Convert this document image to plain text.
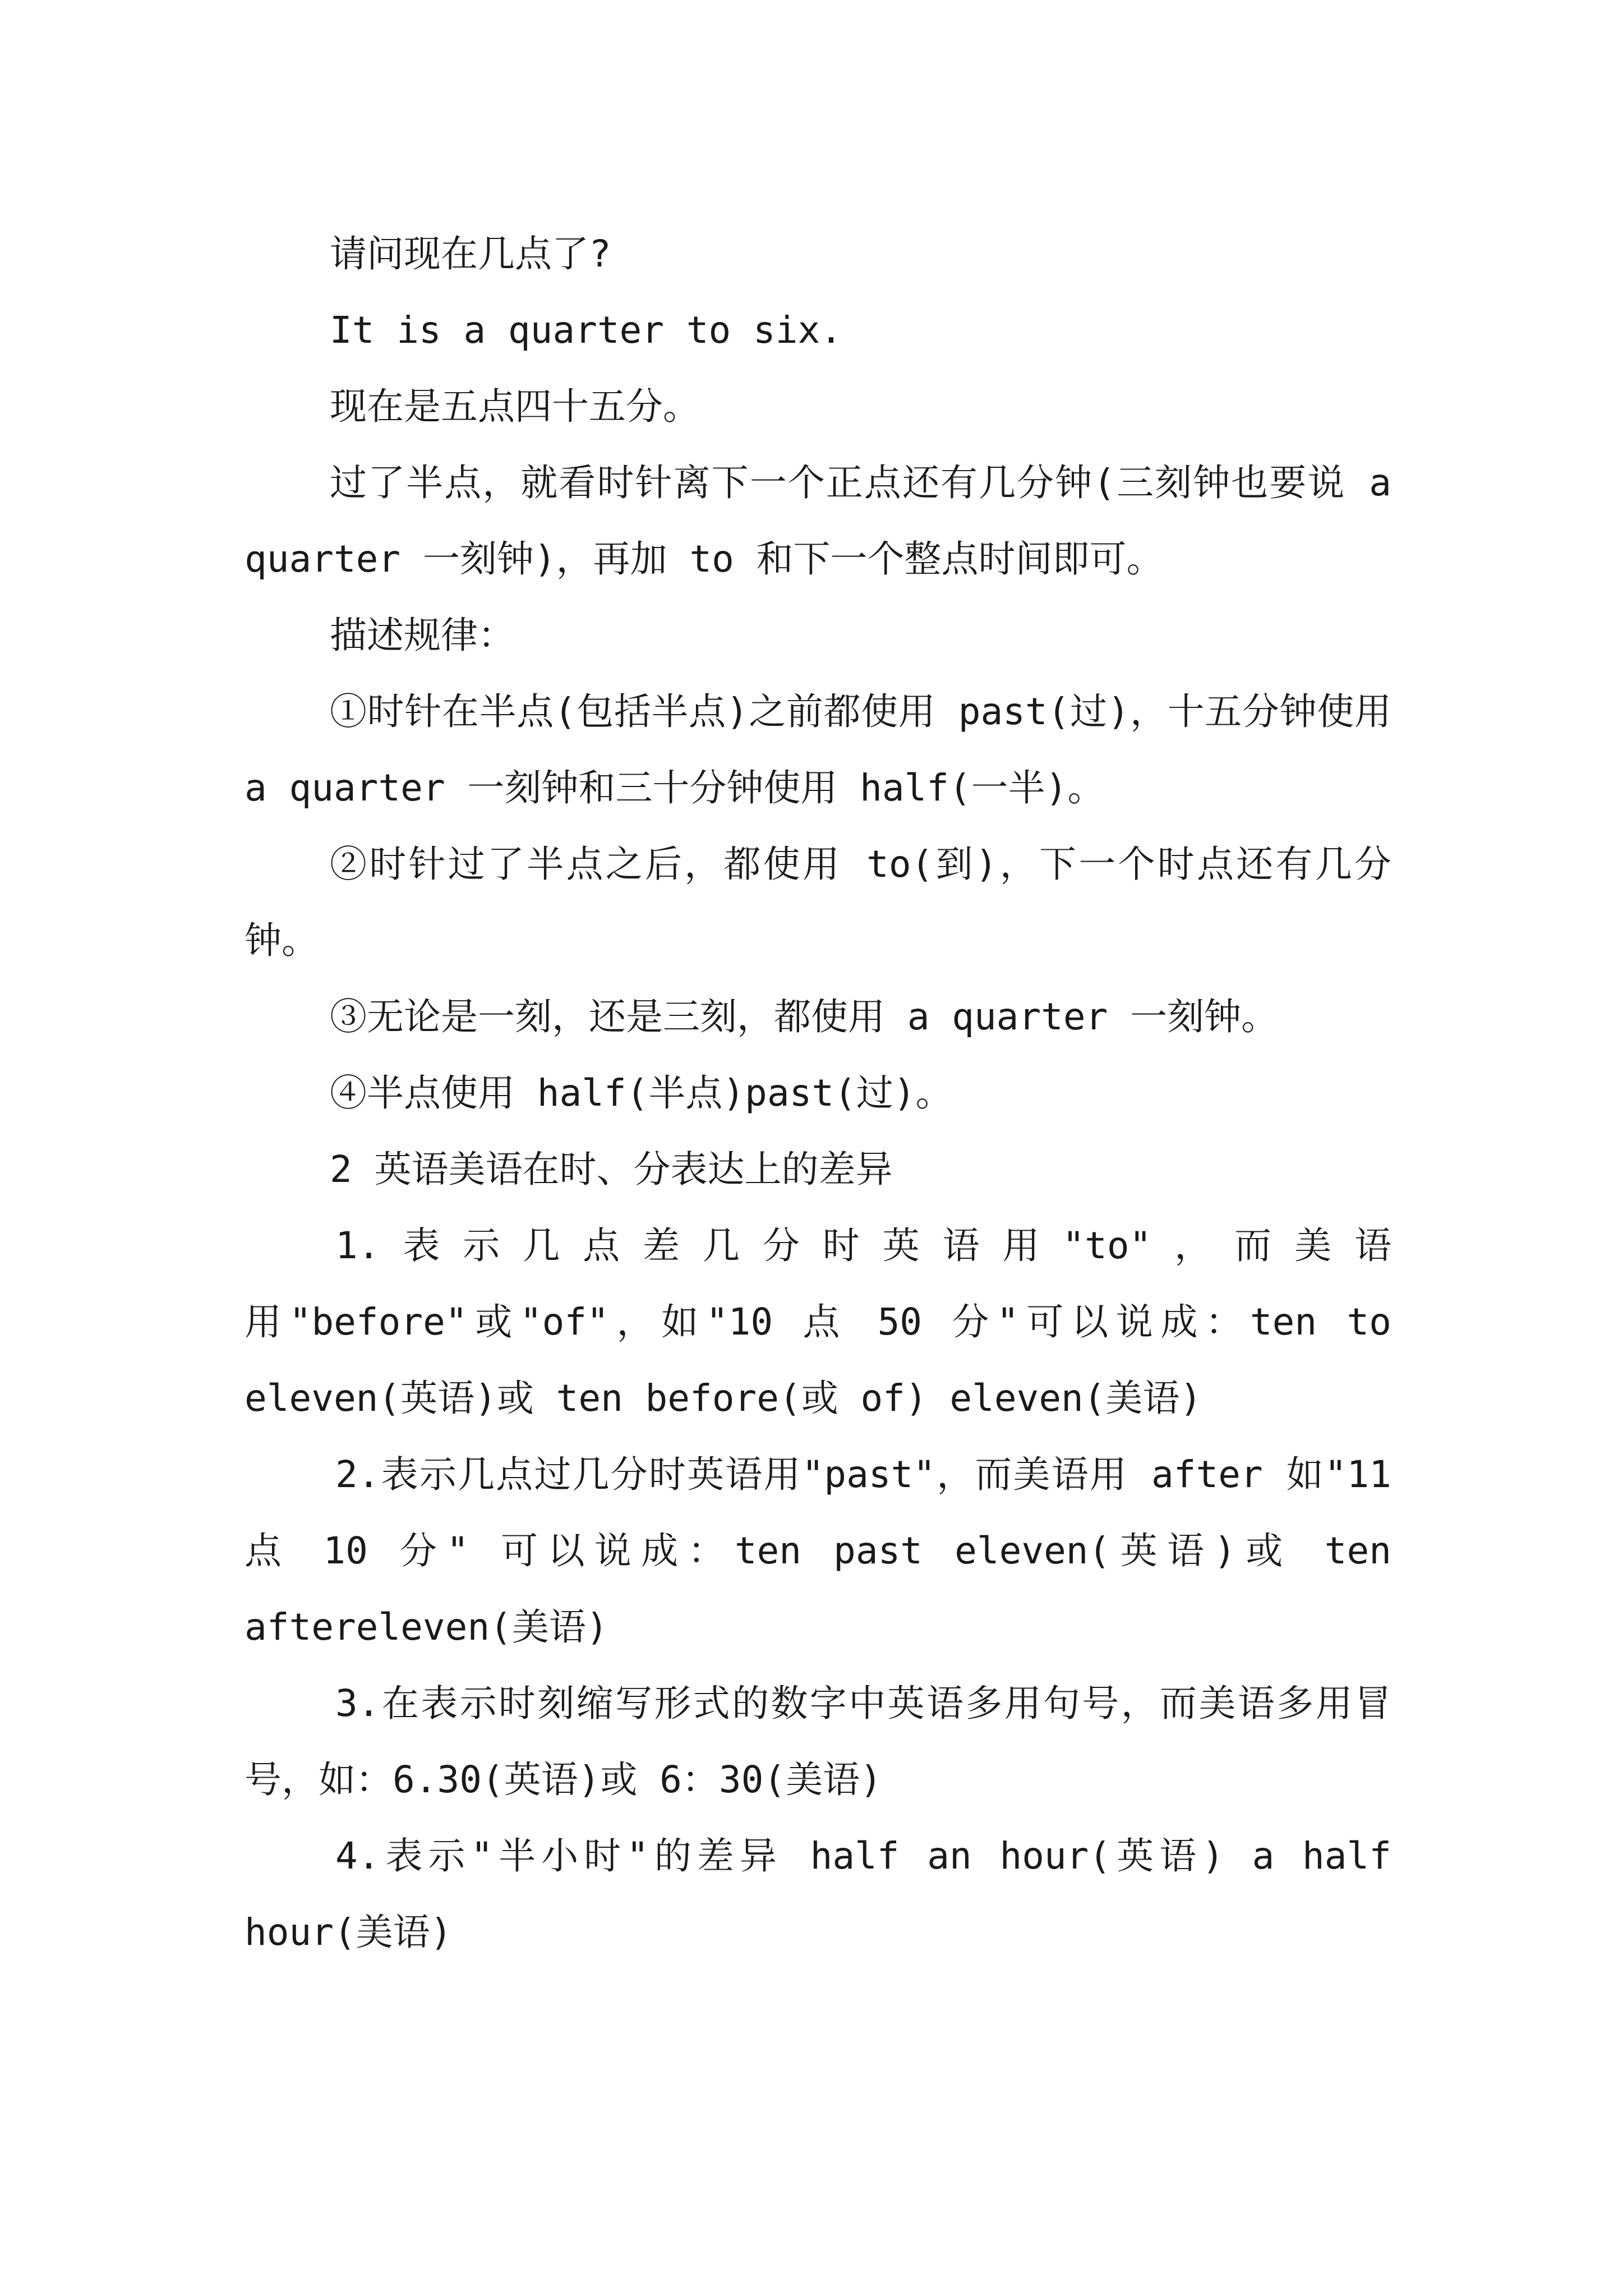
请问现在几点了?

It is a quarter to six.

现在是五点四十五分。

过了半点，就看时针离下一个正点还有几分钟(三刻钟也要说 a quarter 一刻钟)，再加 to 和下一个整点时间即可。

描述规律：

①时针在半点(包括半点)之前都使用 past(过)，十五分钟使用 a quarter 一刻钟和三十分钟使用 half(一半)。

②时针过了半点之后，都使用 to(到)，下一个时点还有几分钟。

③无论是一刻，还是三刻，都使用 a quarter 一刻钟。

④半点使用 half(半点)past(过)。

2 英语美语在时、分表达上的差异

1.表示几点差几分时英语用"to"，而美语用"before"或"of"，如"10 点 50 分"可以说成：ten to eleven(英语)或 ten before(或 of) eleven(美语)

2.表示几点过几分时英语用"past"，而美语用 after 如"11 点 10 分" 可以说成：ten past eleven(英语)或 ten aftereleven(美语)

3.在表示时刻缩写形式的数字中英语多用句号，而美语多用冒号，如：6.30(英语)或 6：30(美语)

4.表示"半小时"的差异 half an hour(英语) a half hour(美语)
